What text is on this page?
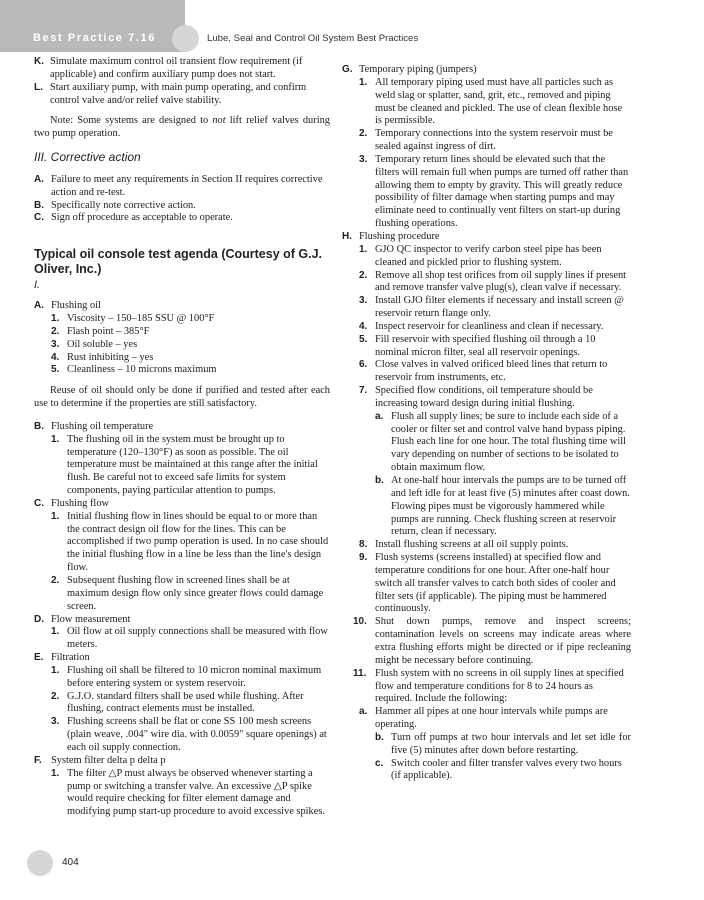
Best Practice 7.16	Lube, Seal and Control Oil System Best Practices
K. Simulate maximum control oil transient flow requirement (if applicable) and confirm auxiliary pump does not start.
L. Start auxiliary pump, with main pump operating, and confirm control valve and/or relief valve stability.
Note: Some systems are designed to not lift relief valves during two pump operation.
III. Corrective action
A. Failure to meet any requirements in Section II requires corrective action and re-test.
B. Specifically note corrective action.
C. Sign off procedure as acceptable to operate.
Typical oil console test agenda (Courtesy of G.J. Oliver, Inc.)
I.
A. Flushing oil
1. Viscosity – 150–185 SSU @ 100°F
2. Flash point – 385°F
3. Oil soluble – yes
4. Rust inhibiting – yes
5. Cleanliness – 10 microns maximum
Reuse of oil should only be done if purified and tested after each use to determine if the properties are still satisfactory.
B. Flushing oil temperature
1. The flushing oil in the system must be brought up to temperature (120–130°F) as soon as possible. The oil temperature must be maintained at this range after the initial flush. Be careful not to exceed safe limits for system components, paying particular attention to pumps.
C. Flushing flow
1. Initial flushing flow in lines should be equal to or more than the contract design oil flow for the lines. This can be accomplished if two pump operation is used. In no case should the initial flushing flow in a line be less than the line's design flow.
2. Subsequent flushing flow in screened lines shall be at maximum design flow only since greater flows could damage screen.
D. Flow measurement
1. Oil flow at oil supply connections shall be measured with flow meters.
E. Filtration
1. Flushing oil shall be filtered to 10 micron nominal maximum before entering system or system reservoir.
2. G.J.O. standard filters shall be used while flushing. After flushing, contract elements must be installed.
3. Flushing screens shall be flat or cone SS 100 mesh screens (plain weave, .004" wire dia. with 0.0059" square openings) at each oil supply connection.
F. System filter delta p delta p
1. The filter △P must always be observed whenever starting a pump or switching a transfer valve. An excessive △P spike would require checking for filter element damage and modifying pump start-up procedure to avoid excessive spikes.
G. Temporary piping (jumpers)
1. All temporary piping used must have all particles such as weld slag or splatter, sand, grit, etc., removed and piping must be cleaned and pickled. The use of clean flexible hose is permissible.
2. Temporary connections into the system reservoir must be sealed against ingress of dirt.
3. Temporary return lines should be elevated such that the filters will remain full when pumps are turned off rather than allowing them to empty by gravity. This will greatly reduce possibility of filter damage when starting pumps and may eliminate need to continually vent filters on start-up during flushing operations.
H. Flushing procedure
1. GJO QC inspector to verify carbon steel pipe has been cleaned and pickled prior to flushing system.
2. Remove all shop test orifices from oil supply lines if present and remove transfer valve plug(s), clean valve if necessary.
3. Install GJO filter elements if necessary and install screen @ reservoir return flange only.
4. Inspect reservoir for cleanliness and clean if necessary.
5. Fill reservoir with specified flushing oil through a 10 nominal micron filter, seal all reservoir openings.
6. Close valves in valved orificed bleed lines that return to reservoir from instruments, etc.
7. Specified flow conditions, oil temperature should be increasing toward design during initial flushing.
a. Flush all supply lines; be sure to include each side of a cooler or filter set and control valve hand bypass piping. Flush each line for one hour. The total flushing time will vary depending on number of sections to be isolated to obtain maximum flow.
b. At one-half hour intervals the pumps are to be turned off and left idle for at least five (5) minutes after coast down. Flowing pipes must be vigorously hammered while pumps are running. Check flushing screen at reservoir return, clean if necessary.
8. Install flushing screens at all oil supply points.
9. Flush systems (screens installed) at specified flow and temperature conditions for one hour. After one-half hour switch all transfer valves to catch both sides of cooler and filter sets (if applicable). The piping must be hammered continuously.
10. Shut down pumps, remove and inspect screens; contamination levels on screens may indicate areas where extra flushing efforts might be directed or if pipe recleaning might be necessary before continuing.
11. Flush system with no screens in oil supply lines at specified flow and temperature conditions for 8 to 24 hours as required. Include the following:
a. Hammer all pipes at one hour intervals while pumps are operating.
b. Turn off pumps at two hour intervals and let set idle for five (5) minutes after down before restarting.
c. Switch cooler and filter transfer valves every two hours (if applicable).
404
